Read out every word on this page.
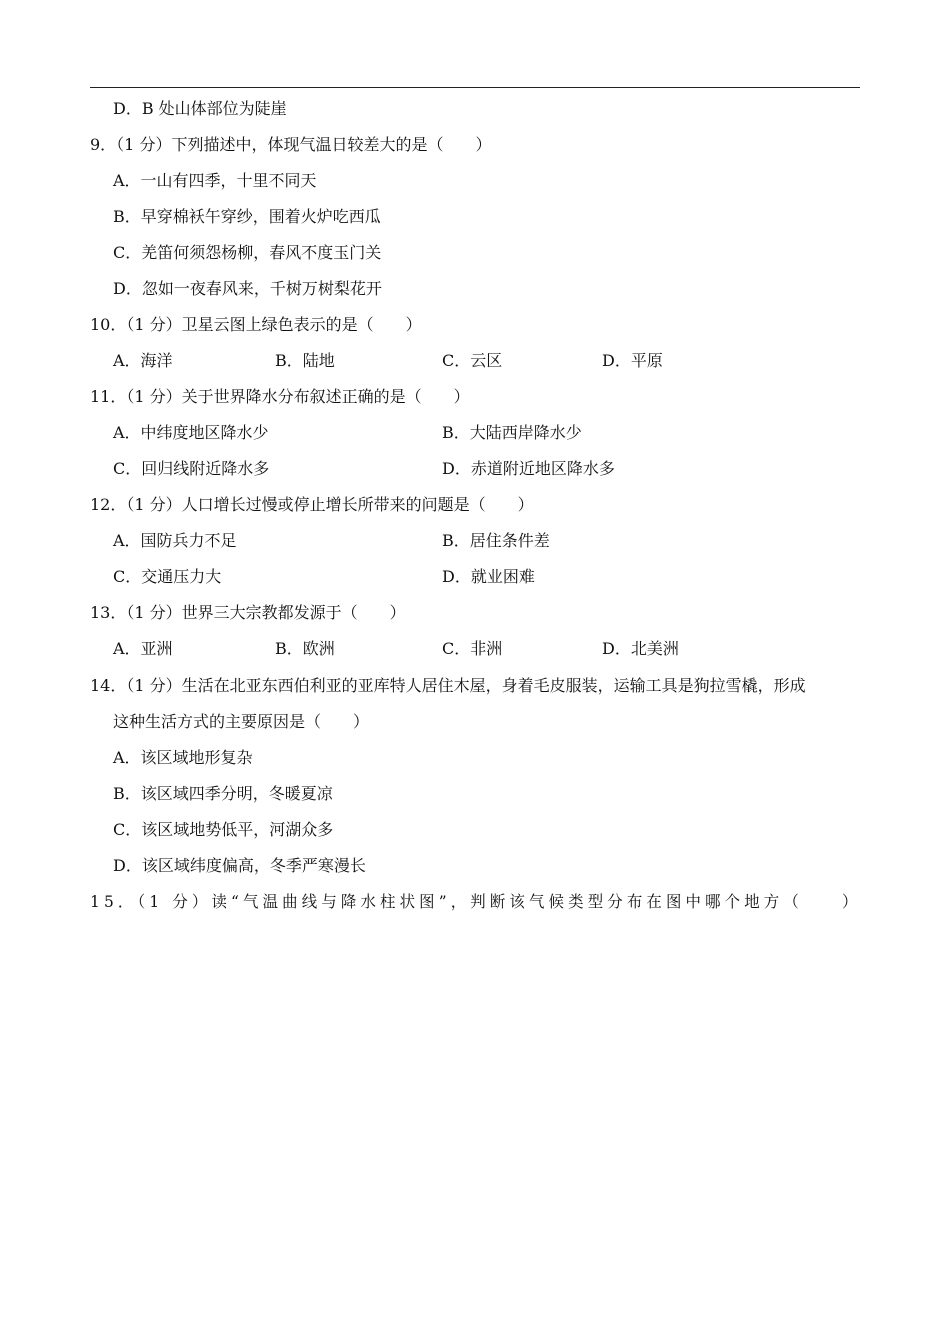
D．B 处山体部位为陡崖
9．（1 分）下列描述中，体现气温日较差大的是（　　）
A．一山有四季，十里不同天
B．早穿棉袄午穿纱，围着火炉吃西瓜
C．羌笛何须怨杨柳，春风不度玉门关
D．忽如一夜春风来，千树万树梨花开
10．（1 分）卫星云图上绿色表示的是（　　）
A．海洋	B．陆地	C．云区	D．平原
11．（1 分）关于世界降水分布叙述正确的是（　　）
A．中纬度地区降水少	B．大陆西岸降水少
C．回归线附近降水多	D．赤道附近地区降水多
12．（1 分）人口增长过慢或停止增长所带来的问题是（　　）
A．国防兵力不足	B．居住条件差
C．交通压力大	D．就业困难
13．（1 分）世界三大宗教都发源于（　　）
A．亚洲	B．欧洲	C．非洲	D．北美洲
14．（1 分）生活在北亚东西伯利亚的亚库特人居住木屋，身着毛皮服装，运输工具是狗拉雪橇，形成
这种生活方式的主要原因是（　　）
A．该区域地形复杂
B．该区域四季分明，冬暖夏凉
C．该区域地势低平，河湖众多
D．该区域纬度偏高，冬季严寒漫长
15．（1 分）读“气温曲线与降水柱状图”，判断该气候类型分布在图中哪个地方（　　）
